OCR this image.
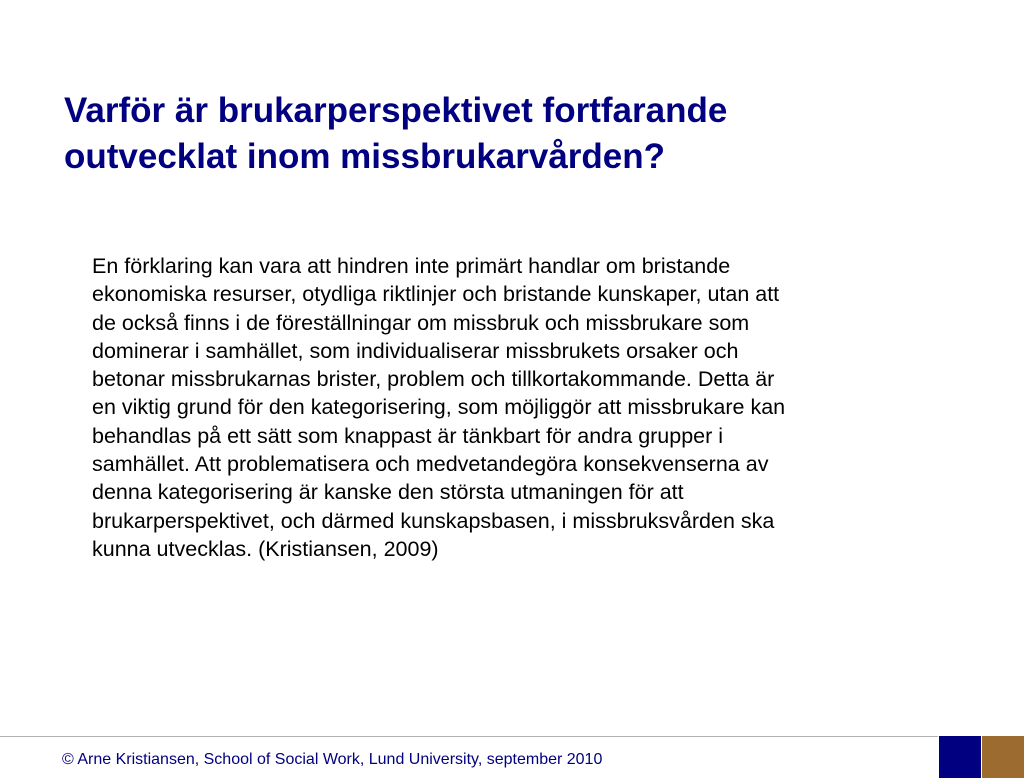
Varför är brukarperspektivet fortfarande
outvecklat inom missbrukarvården?

En förklaring kan vara att hindren inte primärt handlar om bristande
ekonomiska resurser, otydliga riktlinjer och bristande kunskaper, utan att
de också finns i de föreställningar om missbruk och missbrukare som
dominerar i samhället, som individualiserar missbrukets orsaker och
betonar missbrukarnas brister, problem och tillkortakommande. Detta är
en viktig grund för den kategorisering, som möjliggör att missbrukare kan
behandlas på ett sätt som knappast är tänkbart för andra grupper i
samhället. Att problematisera och medvetandegöra konsekvenserna av
denna kategorisering är kanske den största utmaningen för att
brukarperspektivet, och därmed kunskapsbasen, i missbruksvården ska
kunna utvecklas. (Kristiansen, 2009)

© Arne Kristiansen, School of Social Work, Lund University, september 2010
